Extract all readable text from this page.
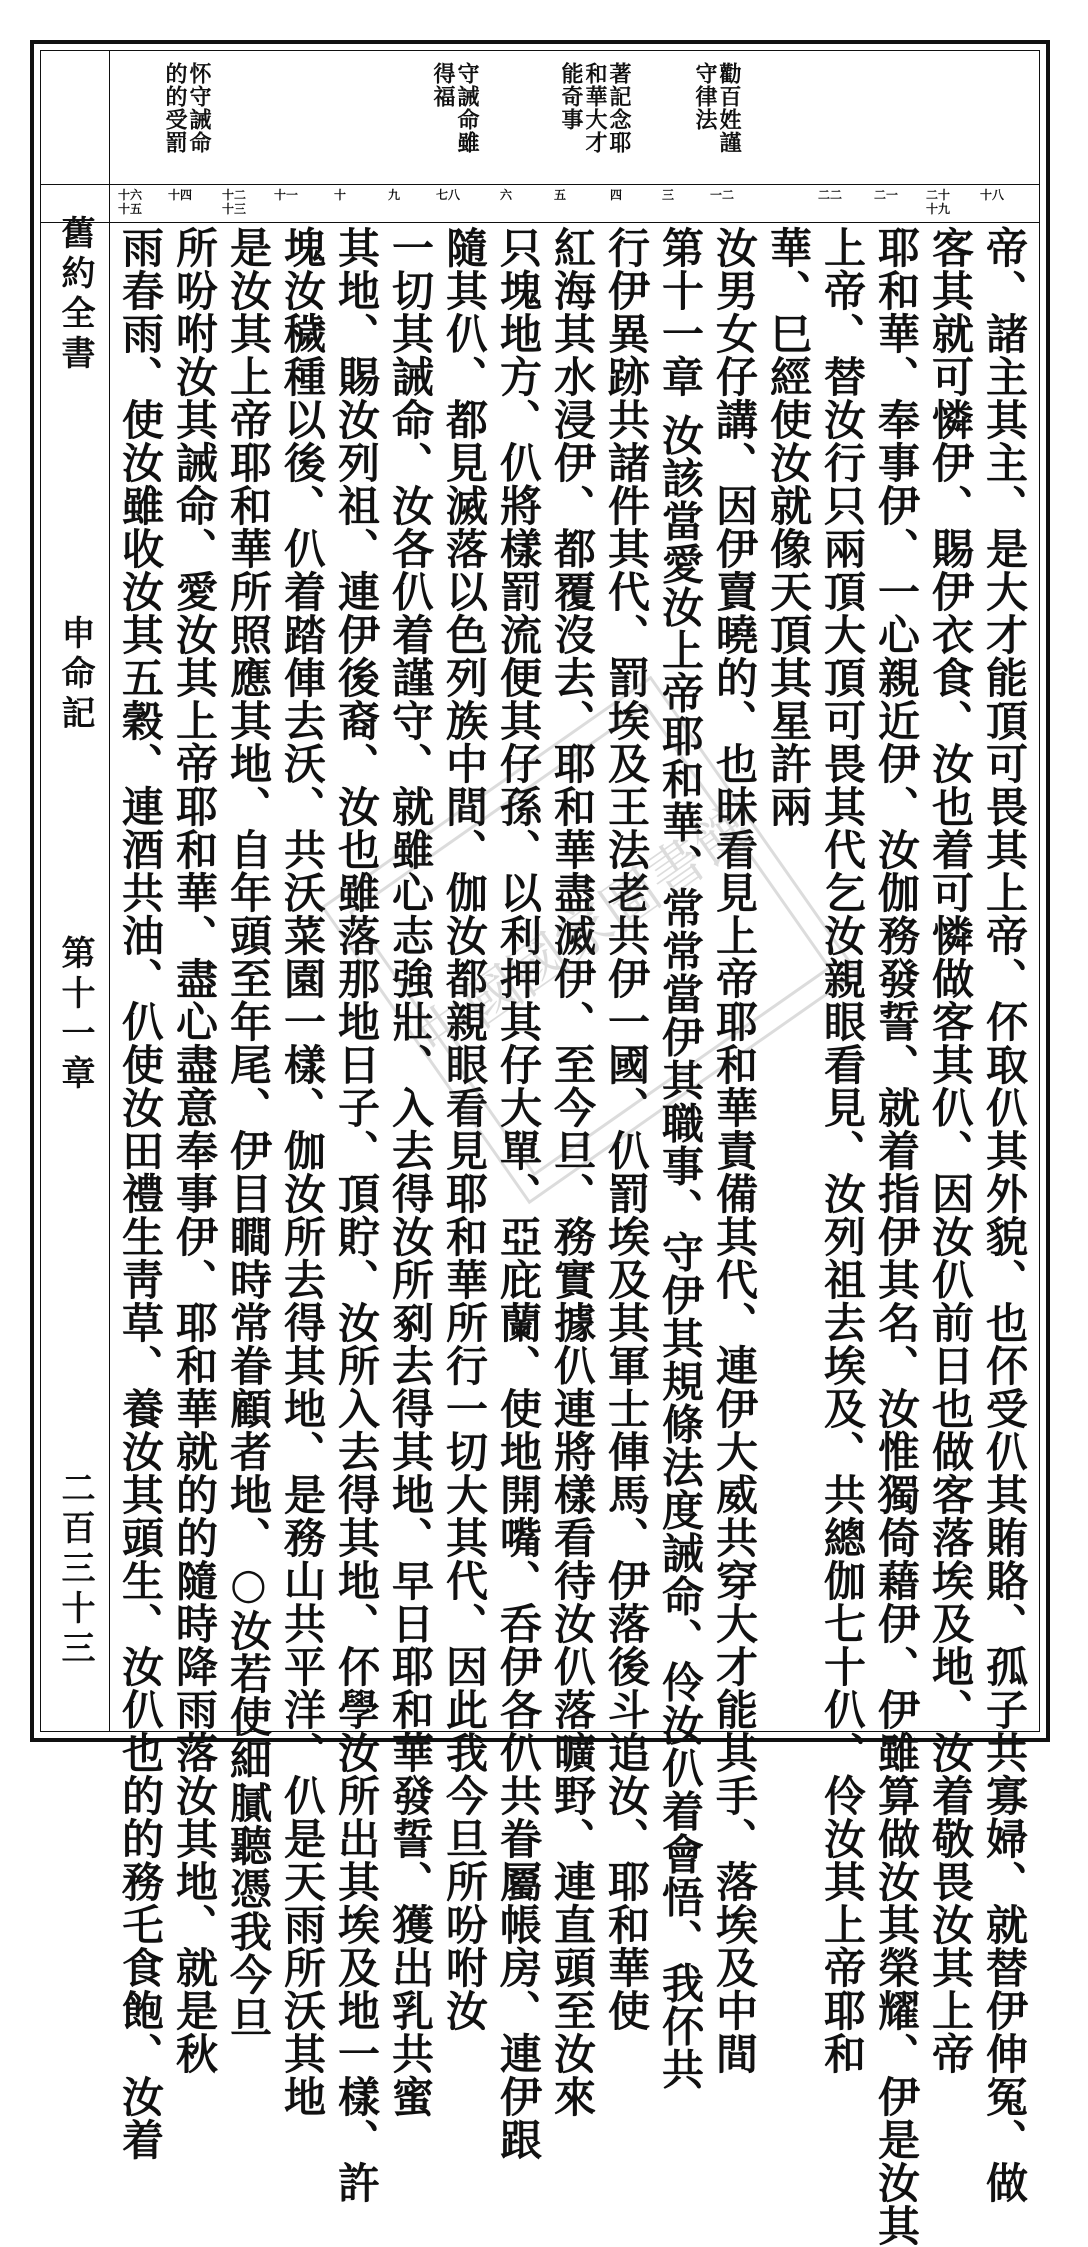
舊約全書
申命記
第十一章
二百三十三
勸百姓謹
守律法
著記念耶
和華大才
能奇事
守誡命雖
得福
怀守誡命
的的受罰
十八
二十 十九
二一
二二
一二
三
四
五
六
七八
九
十
十一
十二 十三
十四
十六 十五
帝、諸主其主、是大才能頂可畏其上帝、伓取仈其外貌、也伓受仈其賄賂、孤子共寡婦、就替伊伸冤、做
客其就可憐伊、賜伊衣食、汝也着可憐做客其仈、因汝仈前日也做客落埃及地、汝着敬畏汝其上帝
耶和華、奉事伊、一心親近伊、汝伽務發誓、就着指伊其名、汝惟獨倚藉伊、伊雖算做汝其榮耀、伊是汝其
上帝、替汝行只兩頂大頂可畏其代乞汝親眼看見、汝列祖去埃及、共總伽七十仈、伶汝其上帝耶和
華、巳經使汝就像天頂其星許兩
汝男女仔講、因伊賣曉的、也昧看見上帝耶和華責備其代、連伊大威共穿大才能其手、落埃及中間
第十一章 汝該當愛汝上帝耶和華、常常當伊其職事、守伊其規條法度誡命、伶汝仈着會悟、我伓共
行伊異跡共諸件其代、罰埃及王法老共伊一國、仈罰埃及其軍士俥馬、伊落後斗追汝、耶和華使
紅海其水浸伊、都覆沒去、耶和華盡滅伊、至今旦、務實據仈連將樣看待汝仈落曠野、連直頭至汝來
只塊地方、仈將樣罰流便其仔孫、以利押其仔大單、亞庇蘭、使地開嘴、呑伊各仈共眷屬帳房、連伊跟
隨其仈、都見滅落以色列族中間、伽汝都親眼看見耶和華所行一切大其代、因此我今旦所吩咐汝
一切其誡命、汝各仈着謹守、就雖心志強壯、入去得汝所剢去得其地、早日耶和華發誓、獲出乳共蜜
其地、賜汝列祖、連伊後裔、汝也雖落那地日子、頂貯、汝所入去得其地、伓學汝所出其埃及地一樣、許
塊汝穢種以後、仈着踏俥去沃、共沃菜園一樣、伽汝所去得其地、是務山共平洋、仈是天雨所沃其地
是汝其上帝耶和華所照應其地、自年頭至年尾、伊目瞷時常眷顧者地、○汝若使細膩聽憑我今旦
所吩咐汝其誡命、愛汝其上帝耶和華、盡心盡意奉事伊、耶和華就的的隨時降雨落汝其地、就是秋
雨春雨、使汝雖收汝其五穀、連酒共油、仈使汝田禮生靑草、養汝其頭生、汝仈也的的務乇食飽、汝着	中國國家圖書館
